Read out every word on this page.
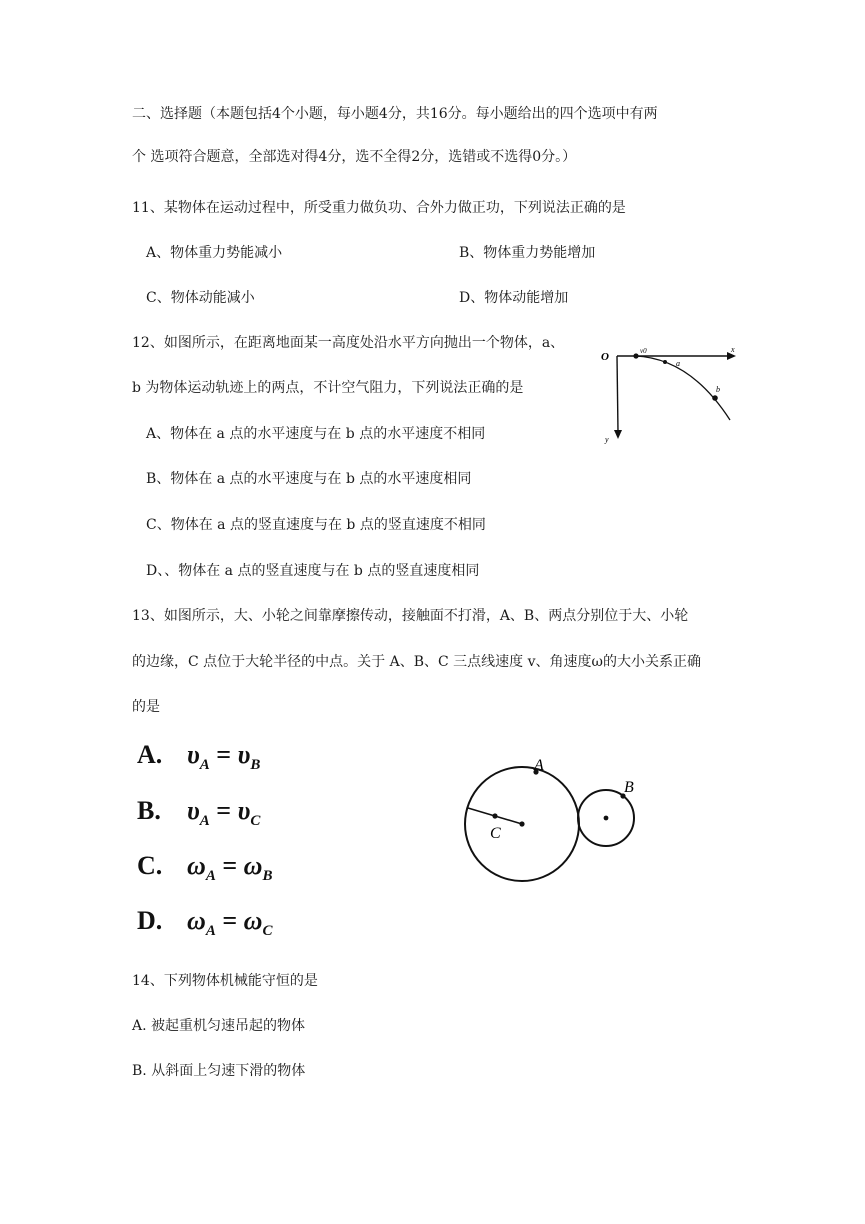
二、选择题（本题包括4个小题，每小题4分，共16分。每小题给出的四个选项中有两
个 选项符合题意，全部选对得4分，选不全得2分，选错或不选得0分。）
11、某物体在运动过程中，所受重力做负功、合外力做正功，下列说法正确的是
A、物体重力势能减小	B、物体重力势能增加
C、物体动能减小	D、物体动能增加
12、如图所示，在距离地面某一高度处沿水平方向抛出一个物体，a、
b 为物体运动轨迹上的两点，不计空气阻力，下列说法正确的是
A、物体在 a 点的水平速度与在 b 点的水平速度不相同
B、物体在 a 点的水平速度与在 b 点的水平速度相同
C、物体在 a 点的竖直速度与在 b 点的竖直速度不相同
D、、物体在 a 点的竖直速度与在 b 点的竖直速度相同
O
x
y
v0
a
b
13、如图所示，大、小轮之间靠摩擦传动，接触面不打滑，A、B、两点分别位于大、小轮
的边缘，C 点位于大轮半径的中点。关于 A、B、C 三点线速度 v、角速度ω的大小关系正确
的是
A. $\upsilon_A = \upsilon_B$
B. $\upsilon_A = \upsilon_C$
C. $\omega_A = \omega_B$
D. $\omega_A = \omega_C$
A
C
B
14、下列物体机械能守恒的是
A. 被起重机匀速吊起的物体
B. 从斜面上匀速下滑的物体
